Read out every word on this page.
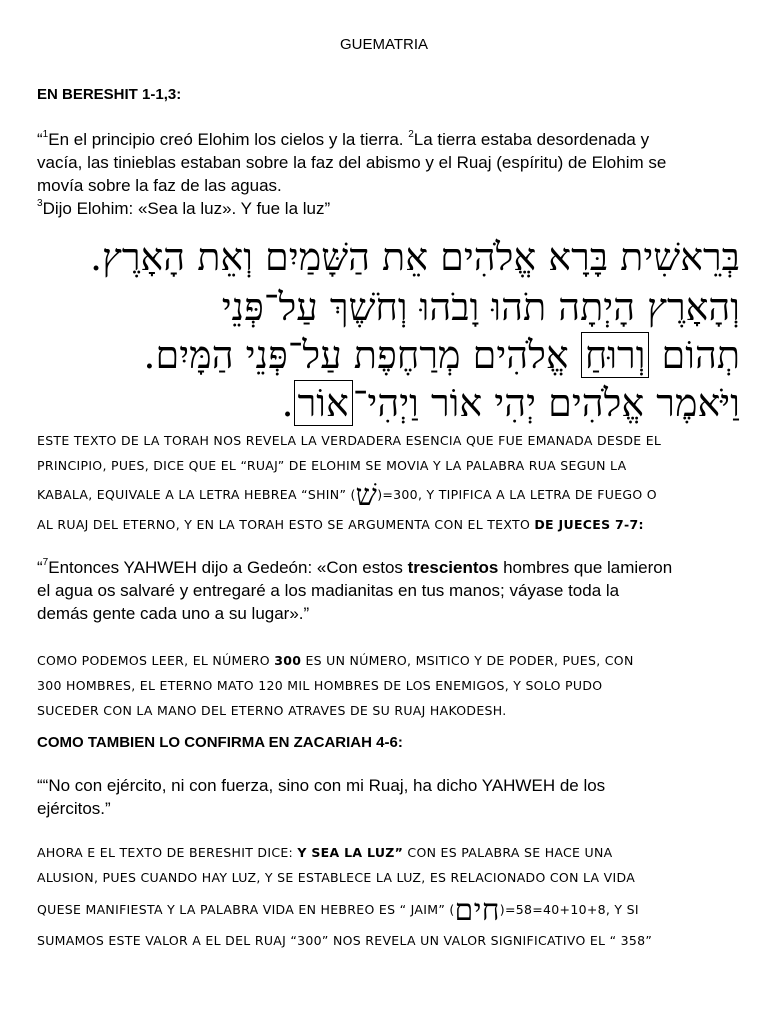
GUEMATRIA
EN BERESHIT 1-1,3:
“$^1$En el principio creó Elohim los cielos y la tierra. $^2$La tierra estaba desordenada y
vacía, las tinieblas estaban sobre la faz del abismo y el Ruaj (espíritu) de Elohim se
movía sobre la faz de las aguas.
$^3$Dijo Elohim: «Sea la luz». Y fue la luz”
בְּרֵאשִׁית בָּרָא אֱלֹהִים אֵת הַשָּׁמַיִם וְאֵת הָאָרֶץ.
וְהָאָרֶץ הָיְתָה תֹהוּ וָבֹהוּ וְחֹשֶׁךְ עַל־פְּנֵי
תְהוֹם וְרוּחַ אֱלֹהִים מְרַחֶפֶת עַל־פְּנֵי הַמָּיִם.
וַיֹּאמֶר אֱלֹהִים יְהִי אוֹר וַיְהִי־אוֹר.
ESTE TEXTO DE LA TORAH NOS REVELA LA VERDADERA ESENCIA QUE FUE EMANADA DESDE EL
PRINCIPIO, PUES, DICE QUE EL “RUAJ” DE ELOHIM SE MOVIA Y LA PALABRA RUA SEGUN LA
KABALA, EQUIVALE A LA LETRA HEBREA “SHIN” (שׁ)=300, Y TIPIFICA A LA LETRA DE FUEGO O
AL RUAJ DEL ETERNO, Y EN LA TORAH ESTO SE ARGUMENTA CON EL TEXTO DE JUECES 7-7:
“$^7$Entonces YAHWEH dijo a Gedeón: «Con estos trescientos hombres que lamieron
el agua os salvaré y entregaré a los madianitas en tus manos; váyase toda la
demás gente cada uno a su lugar».”
COMO PODEMOS LEER, EL NÚMERO 300 ES UN NÚMERO, MSITICO Y DE PODER, PUES, CON
300 HOMBRES, EL ETERNO MATO 120 MIL HOMBRES DE LOS ENEMIGOS, Y SOLO PUDO
SUCEDER CON LA MANO DEL ETERNO ATRAVES DE SU RUAJ HAKODESH.
COMO TAMBIEN LO CONFIRMA EN ZACARIAH 4-6:
““No con ejército, ni con fuerza, sino con mi Ruaj, ha dicho YAHWEH de los
ejércitos.”
AHORA E EL TEXTO DE BERESHIT DICE: Y SEA LA LUZ” CON ES PALABRA SE HACE UNA
ALUSION, PUES CUANDO HAY LUZ, Y SE ESTABLECE LA LUZ, ES RELACIONADO CON LA VIDA
QUESE MANIFIESTA Y LA PALABRA VIDA EN HEBREO ES “ JAIM” (חים)=40+10+8=58, Y SI
SUMAMOS ESTE VALOR A EL DEL RUAJ “300” NOS REVELA UN VALOR SIGNIFICATIVO EL “ 358”
